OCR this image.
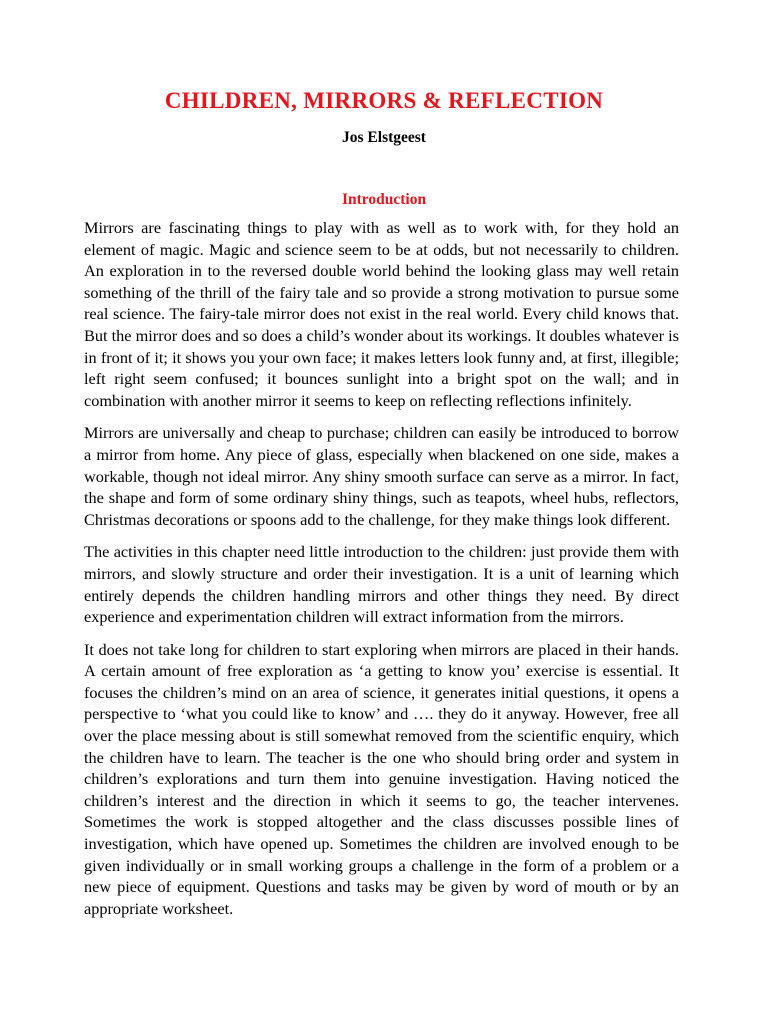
CHILDREN, MIRRORS & REFLECTION
Jos Elstgeest
Introduction

Mirrors are fascinating things to play with as well as to work with, for they hold an element of magic. Magic and science seem to be at odds, but not necessarily to children. An exploration in to the reversed double world behind the looking glass may well retain something of the thrill of the fairy tale and so provide a strong motivation to pursue some real science. The fairy-tale mirror does not exist in the real world. Every child knows that. But the mirror does and so does a child’s wonder about its workings. It doubles whatever is in front of it; it shows you your own face; it makes letters look funny and, at first, illegible; left right seem confused; it bounces sunlight into a bright spot on the wall; and in combination with another mirror it seems to keep on reflecting reflections infinitely.

Mirrors are universally and cheap to purchase; children can easily be introduced to borrow a mirror from home. Any piece of glass, especially when blackened on one side, makes a workable, though not ideal mirror. Any shiny smooth surface can serve as a mirror. In fact, the shape and form of some ordinary shiny things, such as teapots, wheel hubs, reflectors, Christmas decorations or spoons add to the challenge, for they make things look different.

The activities in this chapter need little introduction to the children: just provide them with mirrors, and slowly structure and order their investigation. It is a unit of learning which entirely depends the children handling mirrors and other things they need. By direct experience and experimentation children will extract information from the mirrors.

It does not take long for children to start exploring when mirrors are placed in their hands. A certain amount of free exploration as ‘a getting to know you’ exercise is essential. It focuses the children’s mind on an area of science, it generates initial questions, it opens a perspective to ‘what you could like to know’ and …. they do it anyway. However, free all over the place messing about is still somewhat removed from the scientific enquiry, which the children have to learn. The teacher is the one who should bring order and system in children’s explorations and turn them into genuine investigation. Having noticed the children’s interest and the direction in which it seems to go, the teacher intervenes. Sometimes the work is stopped altogether and the class discusses possible lines of investigation, which have opened up. Sometimes the children are involved enough to be given individually or in small working groups a challenge in the form of a problem or a new piece of equipment. Questions and tasks may be given by word of mouth or by an appropriate worksheet.
